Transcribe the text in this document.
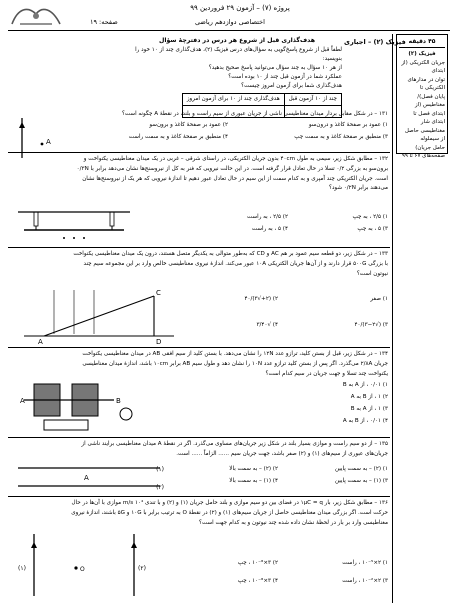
پروژه (۷) – آزمون ۲۹ فروردین ۹۹
صفحه: ۱۹	اختصاصی دوازدهم ریاضی
۴۵ دقیقه
فیزیک (۲)
جریان الکتریکی (از ابتدای
توان در مدارهای الکتریکی تا
پایان فصل)/ مغناطیس (از
ابتدای فصل تا ابتدای شار
مغناطیسی حاصل از سیملوله
حامل جریان)
صفحه‌های ۶۷ تا ۹۹
فیزیک (۲) – اجباری
هدف‌گذاری قبل از شروع هر درس در دفترچهٔ سؤال
لطفاً قبل از شروع پاسخ‌گویی به سؤال‌های درس فیزیک (۲)، هدف‌گذاری چند از ۱۰ خود را بنویسید:
از هر ۱۰ سؤال به چند سؤال می‌توانید پاسخ صحیح بدهید؟
عملکرد شما در آزمون قبل چند از ۱۰ بوده است؟
هدف‌گذاری شما برای آزمون امروز چیست؟
چند از ۱۰ آزمون قبل	هدف‌گذاری چند از ۱۰ برای آزمون امروز

۱۳۱ – در شکل مقابل بردار میدان مغناطیسی ناشی از جریان عبوری از سیم راست و بلند، در نقطهٔ A چگونه است؟
۱) عمود بر صفحهٔ کاغذ و درون‌سو
۲) عمود بر صفحهٔ کاغذ و برون‌سو
۳) منطبق بر صفحهٔ کاغذ و به سمت چپ
۴) منطبق بر صفحهٔ کاغذ و به سمت راست
A
۱۳۲ – مطابق شکل زیر، سیمی به طول ۴۰cm بدون جریان الکتریکی، در راستای شرقی – غربی در یک میدان مغناطیسی یکنواخت و برون‌سو به بزرگی ۰/۲ تسلا در حال تعادل قرار گرفته است. در این حالت نیرویی که فنر به کل از نیروسنج‌ها نشان می‌دهد برابر با ۰/۳N است. جریان الکتریکی چند آمپری و به کدام سمت از این سیم در حال تعادل عبور دهیم تا اندازهٔ نیرویی که هر یک از نیروسنج‌ها نشان می‌دهند برابر ۰/۲N شود؟
۱) ۲/۵ ، به چپ
۲) ۲/۵ ، به راست
۳) ۵ ، به چپ
۴) ۵ ، به راست
۱۳۳ – در شکل زیر، دو قطعه سیم عمود بر هم AC و CD که به‌طور متوالی به یکدیگر متصل هستند، درون یک میدان مغناطیسی یکنواخت با بزرگی ۵۰۰G قرار دارند و از آن‌ها جریان الکتریکی ۱۰A عبور می‌کند. اندازهٔ نیروی مغناطیسی خالص وارد بر این مجموعه سیم چند نیوتون است؟
۱) صفر
۲) (۲+√۳)/۴۰
۳) (√۳−۲)/۴۰
۴) √۳/۴۰
A
C
D
۱۳۴ – در شکل زیر، قبل از بستن کلید، ترازو عدد ۱۲N را نشان می‌دهد. با بستن کلید از سیم افقی AB در میدان مغناطیسی یکنواخت جریان ۲/۸A می‌گذرد. اگر پس از بستن کلید ترازو عدد ۱۰N را نشان دهد و طول سیم AB برابر ۱۰cm باشد، اندازهٔ میدان مغناطیسی یکنواخت چند تسلا و جهت جریان در سیم کدام است؟
۱) ۰/۰۱ ، از A به B
۲) ۱ ، از B به A
۳) ۱ ، از A به B
۴) ۰/۰۱ ، از B به A
A	B
۱۳۵ – از دو سیم راست و موازی بسیار بلند در شکل زیر جریان‌های مساوی می‌گذرد. اگر در نقطهٔ A میدان مغناطیسی برایند ناشی از جریان‌های عبوری از سیم‌های (۱) و (۲) صفر باشد، جهت جریان سیم ...... الزاماً ...... است.
۱) (۲) – به سمت پایین
۲) (۲) – به سمت بالا
۳) (۱) – به سمت پایین
۴) (۱) – به سمت بالا
(۱)
(۲)
A
۱۳۶ – مطابق شکل زیر، بار ۱μC = q در فضای بین دو سیم موازی و بلند حامل جریان (۱) و (۲) و با تندی ۱۰⁴ m/s موازی با آن‌ها در حال حرکت است. اگر بزرگی میدان مغناطیسی حاصل از جریان سیم‌های (۱) و (۲) در نقطهٔ O به ترتیب برابر با ۱۰G و ۵G باشند، اندازهٔ نیروی مغناطیسی وارد بر بار در لحظهٔ نشان داده شده چند نیوتون و به کدام جهت است؟
۱) ۲×۱۰⁻⁵ ، راست
۲) ۳×۱۰⁻⁸ ، چپ
۳) ۲×۱۰⁻² ، راست
۴) ۳×۱۰⁻⁸ ، چپ
(۱)	(۲)
O
